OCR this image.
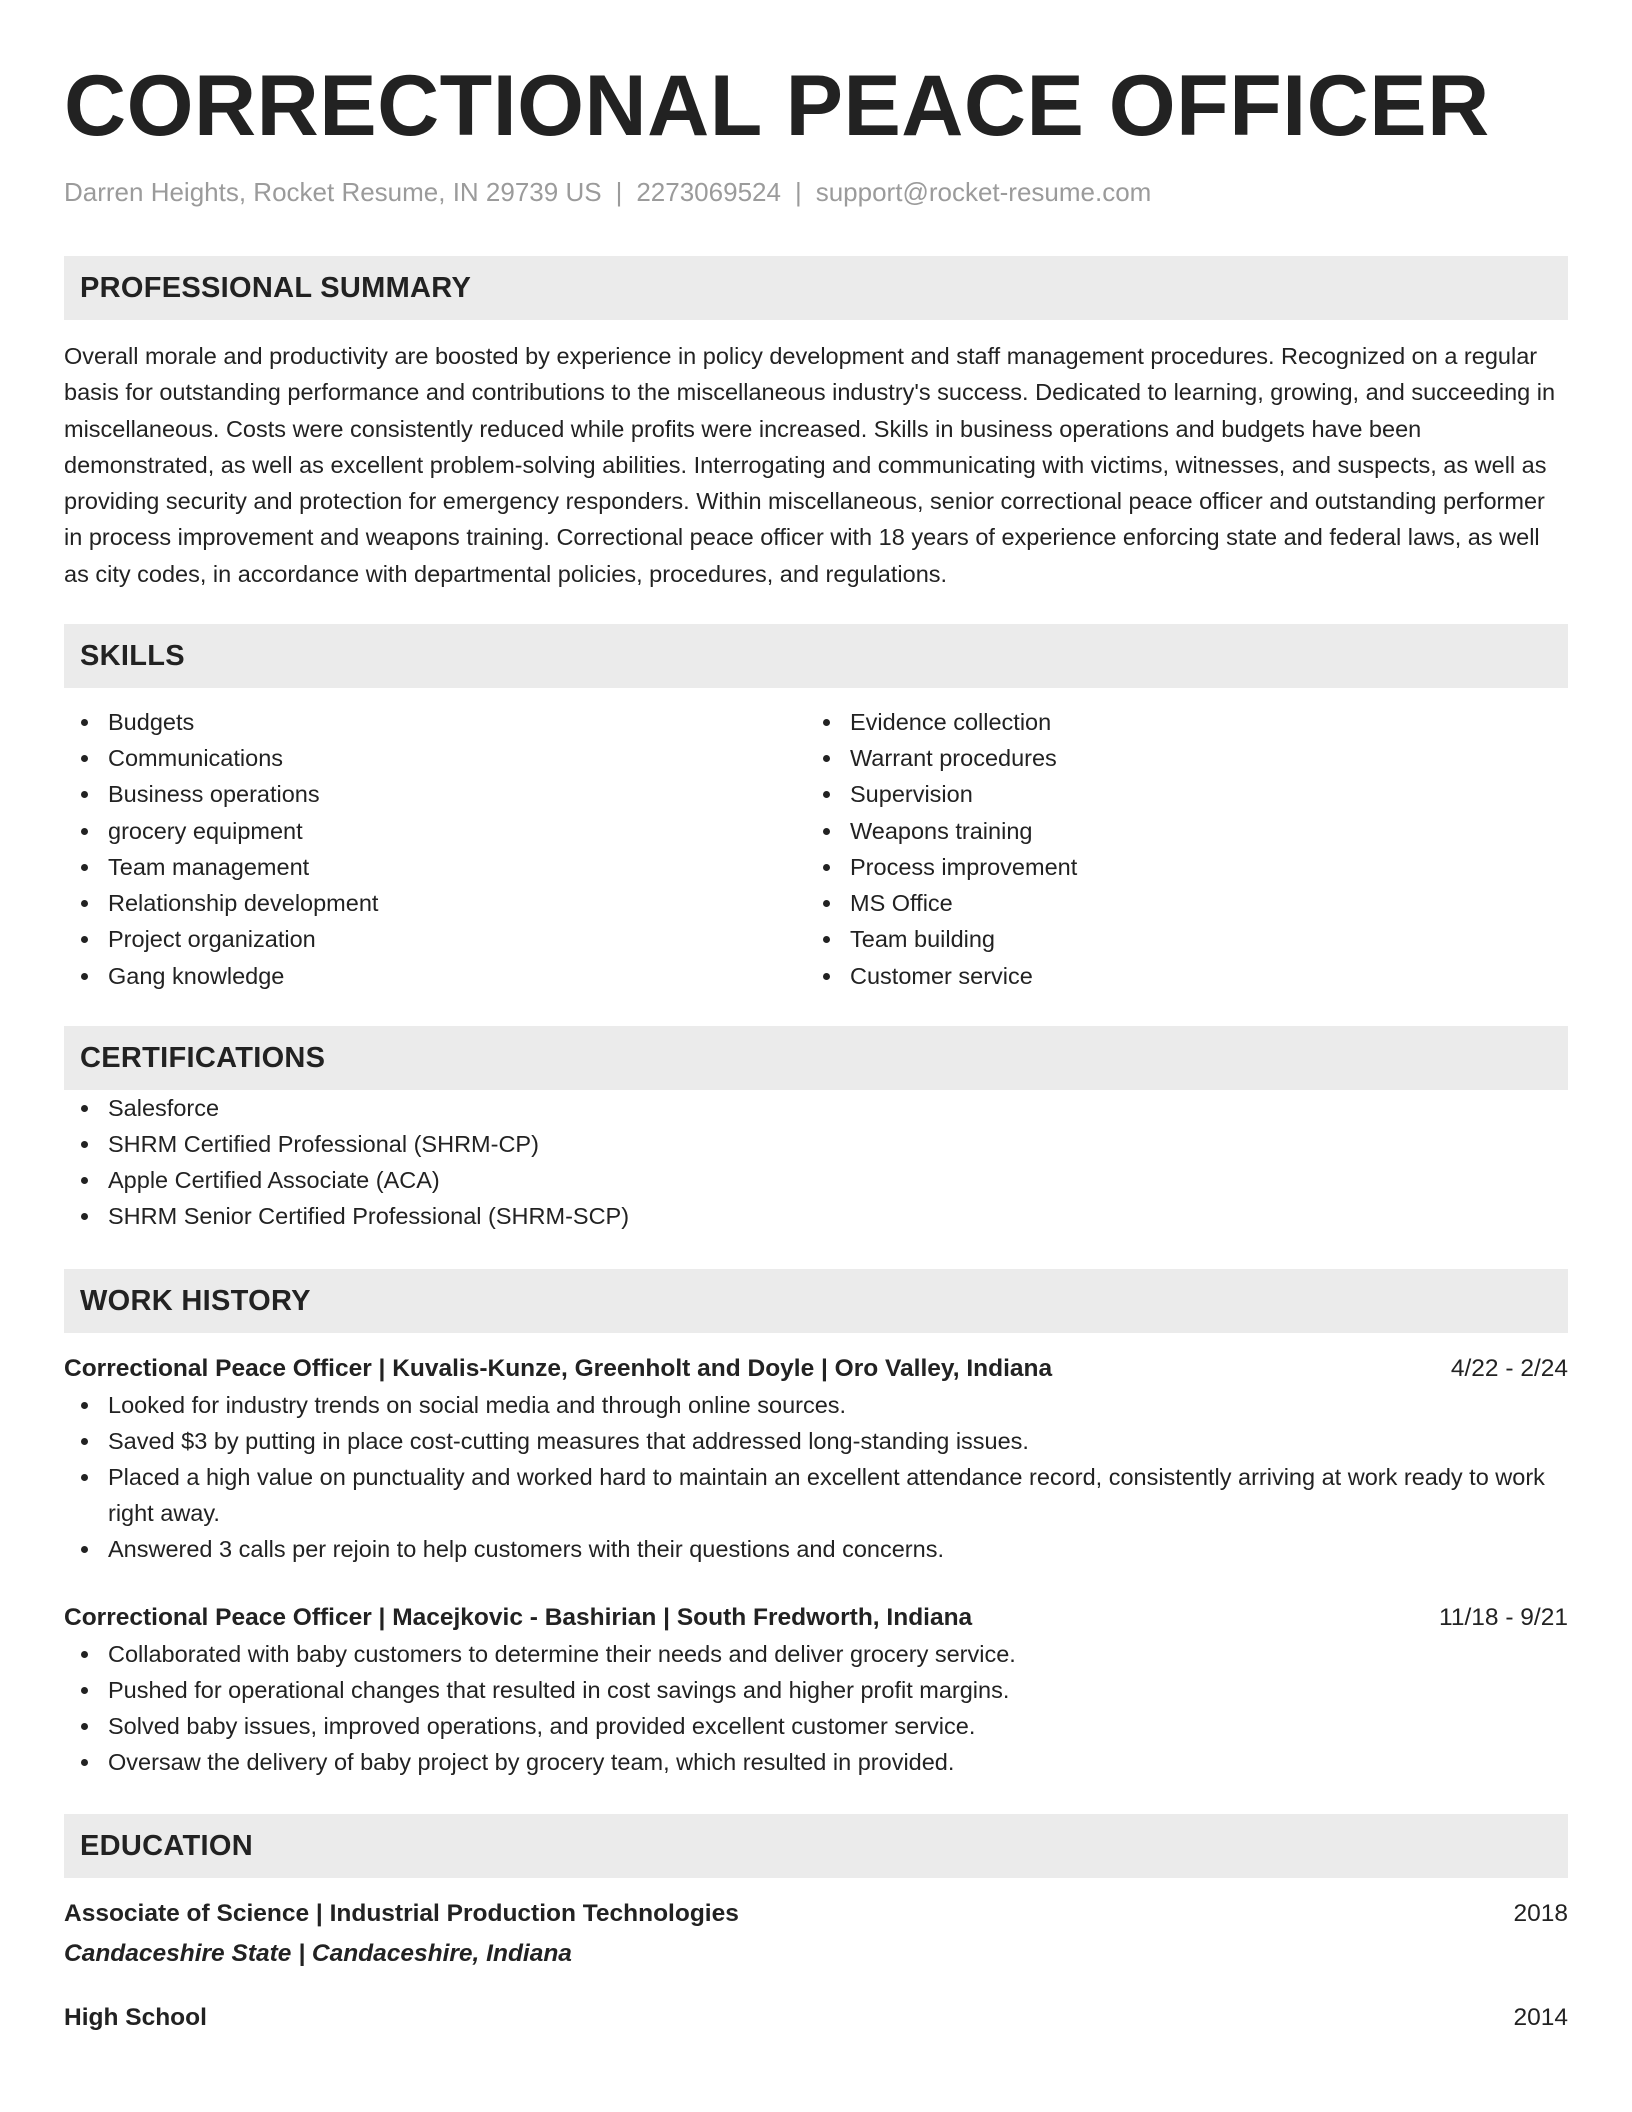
CORRECTIONAL PEACE OFFICER
Darren Heights, Rocket Resume, IN 29739 US | 2273069524 | support@rocket-resume.com
PROFESSIONAL SUMMARY
Overall morale and productivity are boosted by experience in policy development and staff management procedures. Recognized on a regular basis for outstanding performance and contributions to the miscellaneous industry's success. Dedicated to learning, growing, and succeeding in miscellaneous. Costs were consistently reduced while profits were increased. Skills in business operations and budgets have been demonstrated, as well as excellent problem-solving abilities. Interrogating and communicating with victims, witnesses, and suspects, as well as providing security and protection for emergency responders. Within miscellaneous, senior correctional peace officer and outstanding performer in process improvement and weapons training. Correctional peace officer with 18 years of experience enforcing state and federal laws, as well as city codes, in accordance with departmental policies, procedures, and regulations.
SKILLS
Budgets
Communications
Business operations
grocery equipment
Team management
Relationship development
Project organization
Gang knowledge
Evidence collection
Warrant procedures
Supervision
Weapons training
Process improvement
MS Office
Team building
Customer service
CERTIFICATIONS
Salesforce
SHRM Certified Professional (SHRM-CP)
Apple Certified Associate (ACA)
SHRM Senior Certified Professional (SHRM-SCP)
WORK HISTORY
Correctional Peace Officer | Kuvalis-Kunze, Greenholt and Doyle | Oro Valley, Indiana	4/22 - 2/24
Looked for industry trends on social media and through online sources.
Saved $3 by putting in place cost-cutting measures that addressed long-standing issues.
Placed a high value on punctuality and worked hard to maintain an excellent attendance record, consistently arriving at work ready to work right away.
Answered 3 calls per rejoin to help customers with their questions and concerns.
Correctional Peace Officer | Macejkovic - Bashirian | South Fredworth, Indiana	11/18 - 9/21
Collaborated with baby customers to determine their needs and deliver grocery service.
Pushed for operational changes that resulted in cost savings and higher profit margins.
Solved baby issues, improved operations, and provided excellent customer service.
Oversaw the delivery of baby project by grocery team, which resulted in provided.
EDUCATION
Associate of Science | Industrial Production Technologies	2018
Candaceshire State | Candaceshire, Indiana
High School	2014
